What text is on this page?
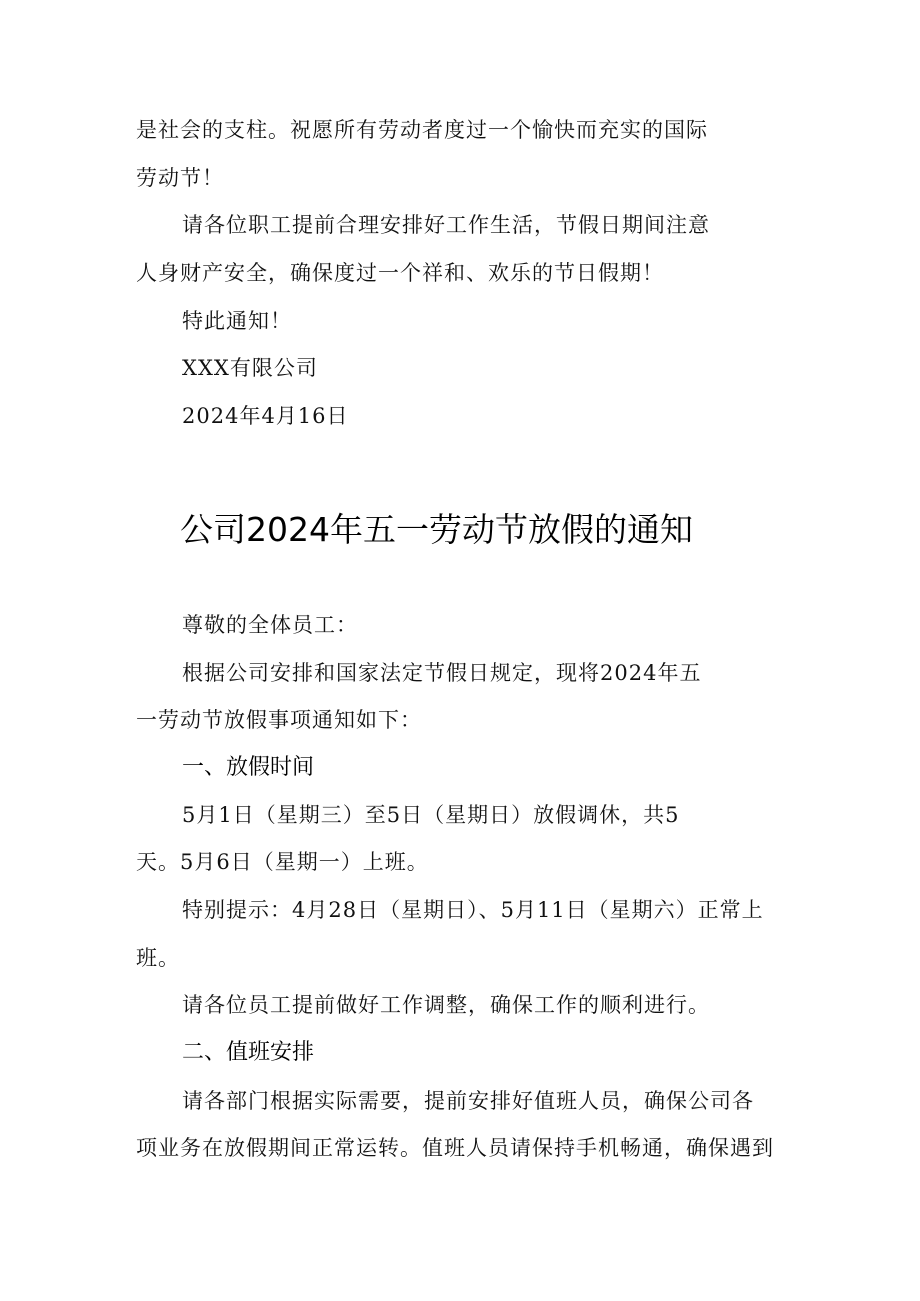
是社会的支柱。祝愿所有劳动者度过一个愉快而充实的国际
劳动节！
请各位职工提前合理安排好工作生活，节假日期间注意
人身财产安全，确保度过一个祥和、欢乐的节日假期！
特此通知！
XXX有限公司
2024年4月16日
公司2024年五一劳动节放假的通知
尊敬的全体员工：
根据公司安排和国家法定节假日规定，现将2024年五
一劳动节放假事项通知如下：
一、放假时间
5月1日（星期三）至5日（星期日）放假调休，共5
天。5月6日（星期一）上班。
特别提示：4月28日（星期日）、5月11日（星期六）正常上
班。
请各位员工提前做好工作调整，确保工作的顺利进行。
二、值班安排
请各部门根据实际需要，提前安排好值班人员，确保公司各
项业务在放假期间正常运转。值班人员请保持手机畅通，确保遇到
